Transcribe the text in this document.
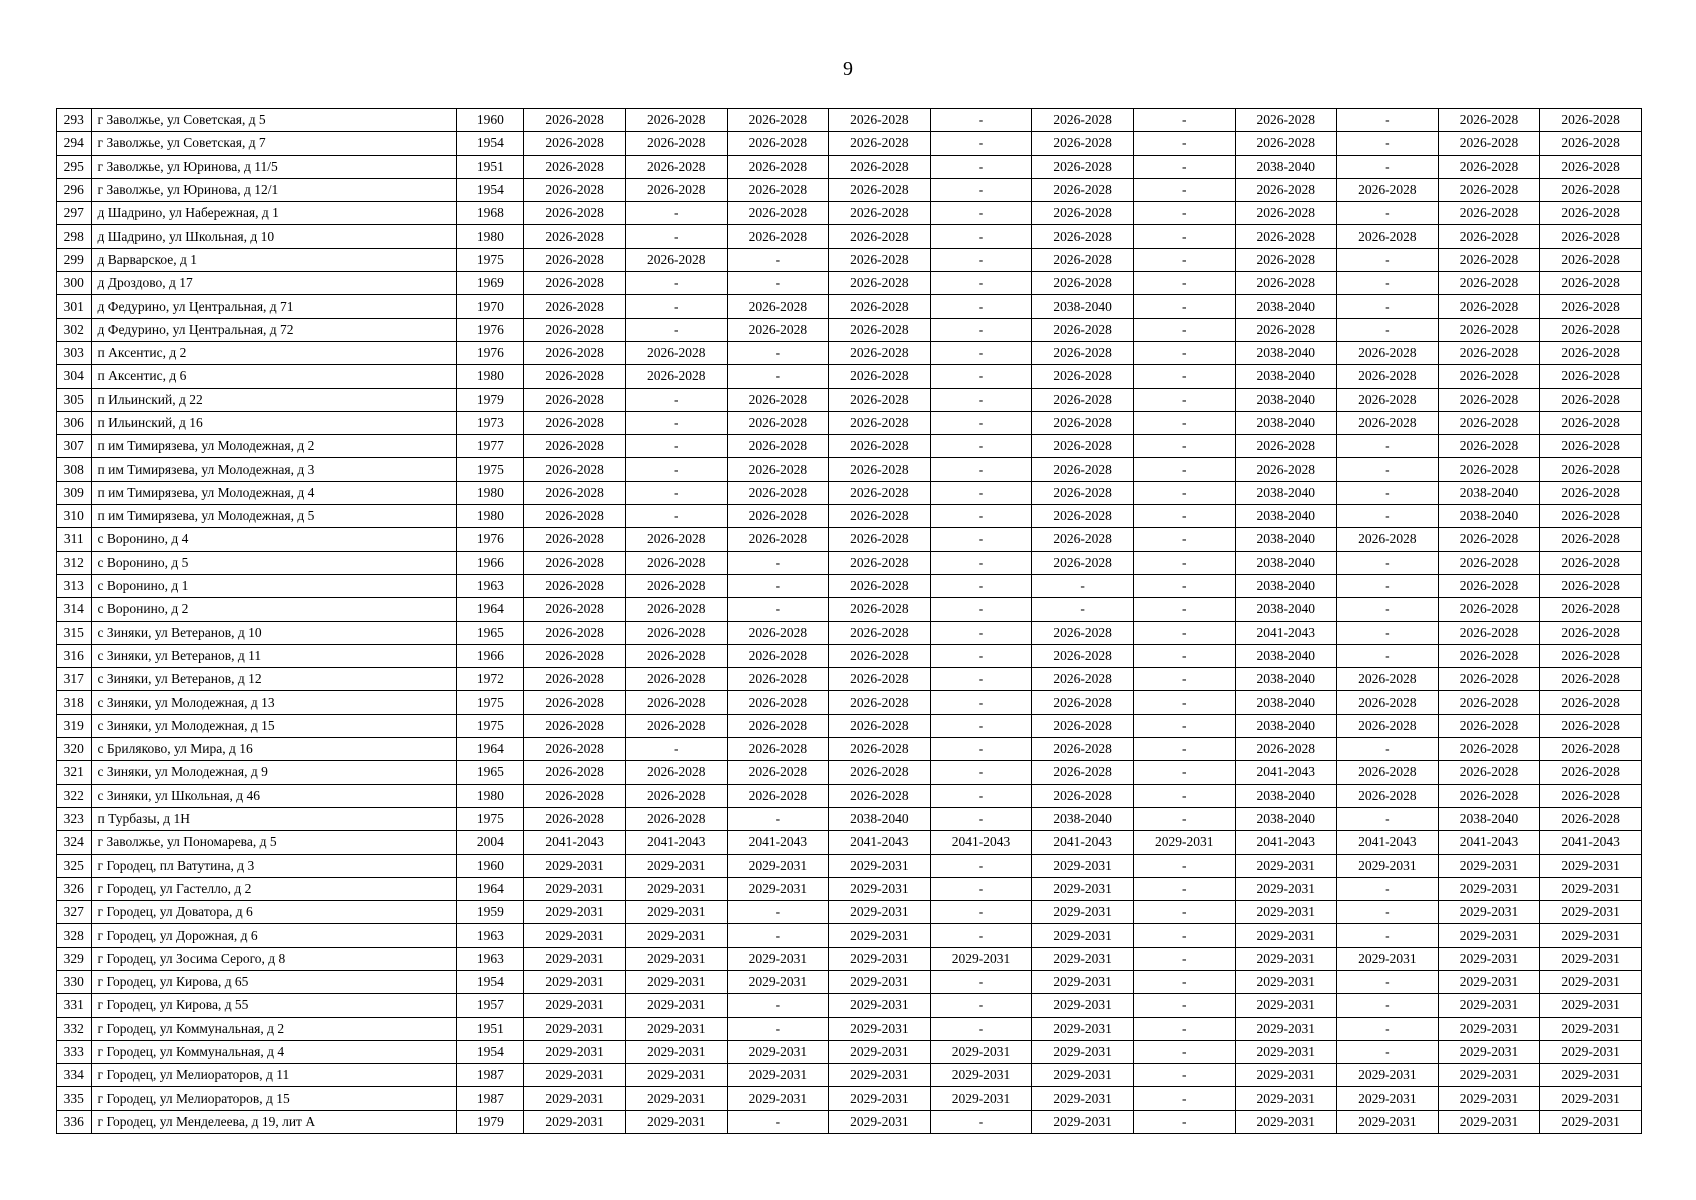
9
293	г Заволжье, ул Советская, д 5	1960	2026-2028	2026-2028	2026-2028	2026-2028	-	2026-2028	-	2026-2028	-	2026-2028	2026-2028
294	г Заволжье, ул Советская, д 7	1954	2026-2028	2026-2028	2026-2028	2026-2028	-	2026-2028	-	2026-2028	-	2026-2028	2026-2028
295	г Заволжье, ул Юринова, д 11/5	1951	2026-2028	2026-2028	2026-2028	2026-2028	-	2026-2028	-	2038-2040	-	2026-2028	2026-2028
296	г Заволжье, ул Юринова, д 12/1	1954	2026-2028	2026-2028	2026-2028	2026-2028	-	2026-2028	-	2026-2028	2026-2028	2026-2028	2026-2028
297	д Шадрино, ул Набережная, д 1	1968	2026-2028	-	2026-2028	2026-2028	-	2026-2028	-	2026-2028	-	2026-2028	2026-2028
298	д Шадрино, ул Школьная, д 10	1980	2026-2028	-	2026-2028	2026-2028	-	2026-2028	-	2026-2028	2026-2028	2026-2028	2026-2028
299	д Варварское, д 1	1975	2026-2028	2026-2028	-	2026-2028	-	2026-2028	-	2026-2028	-	2026-2028	2026-2028
300	д Дроздово, д 17	1969	2026-2028	-	-	2026-2028	-	2026-2028	-	2026-2028	-	2026-2028	2026-2028
301	д Федурино, ул Центральная, д 71	1970	2026-2028	-	2026-2028	2026-2028	-	2038-2040	-	2038-2040	-	2026-2028	2026-2028
302	д Федурино, ул Центральная, д 72	1976	2026-2028	-	2026-2028	2026-2028	-	2026-2028	-	2026-2028	-	2026-2028	2026-2028
303	п Аксентис, д 2	1976	2026-2028	2026-2028	-	2026-2028	-	2026-2028	-	2038-2040	2026-2028	2026-2028	2026-2028
304	п Аксентис, д 6	1980	2026-2028	2026-2028	-	2026-2028	-	2026-2028	-	2038-2040	2026-2028	2026-2028	2026-2028
305	п Ильинский, д 22	1979	2026-2028	-	2026-2028	2026-2028	-	2026-2028	-	2038-2040	2026-2028	2026-2028	2026-2028
306	п Ильинский, д 16	1973	2026-2028	-	2026-2028	2026-2028	-	2026-2028	-	2038-2040	2026-2028	2026-2028	2026-2028
307	п им Тимирязева, ул Молодежная, д 2	1977	2026-2028	-	2026-2028	2026-2028	-	2026-2028	-	2026-2028	-	2026-2028	2026-2028
308	п им Тимирязева, ул Молодежная, д 3	1975	2026-2028	-	2026-2028	2026-2028	-	2026-2028	-	2026-2028	-	2026-2028	2026-2028
309	п им Тимирязева, ул Молодежная, д 4	1980	2026-2028	-	2026-2028	2026-2028	-	2026-2028	-	2038-2040	-	2038-2040	2026-2028
310	п им Тимирязева, ул Молодежная, д 5	1980	2026-2028	-	2026-2028	2026-2028	-	2026-2028	-	2038-2040	-	2038-2040	2026-2028
311	с Воронино, д 4	1976	2026-2028	2026-2028	2026-2028	2026-2028	-	2026-2028	-	2038-2040	2026-2028	2026-2028	2026-2028
312	с Воронино, д 5	1966	2026-2028	2026-2028	-	2026-2028	-	2026-2028	-	2038-2040	-	2026-2028	2026-2028
313	с Воронино, д 1	1963	2026-2028	2026-2028	-	2026-2028	-	-	-	2038-2040	-	2026-2028	2026-2028
314	с Воронино, д 2	1964	2026-2028	2026-2028	-	2026-2028	-	-	-	2038-2040	-	2026-2028	2026-2028
315	с Зиняки, ул Ветеранов, д 10	1965	2026-2028	2026-2028	2026-2028	2026-2028	-	2026-2028	-	2041-2043	-	2026-2028	2026-2028
316	с Зиняки, ул Ветеранов, д 11	1966	2026-2028	2026-2028	2026-2028	2026-2028	-	2026-2028	-	2038-2040	-	2026-2028	2026-2028
317	с Зиняки, ул Ветеранов, д 12	1972	2026-2028	2026-2028	2026-2028	2026-2028	-	2026-2028	-	2038-2040	2026-2028	2026-2028	2026-2028
318	с Зиняки, ул Молодежная, д 13	1975	2026-2028	2026-2028	2026-2028	2026-2028	-	2026-2028	-	2038-2040	2026-2028	2026-2028	2026-2028
319	с Зиняки, ул Молодежная, д 15	1975	2026-2028	2026-2028	2026-2028	2026-2028	-	2026-2028	-	2038-2040	2026-2028	2026-2028	2026-2028
320	с Бриляково, ул Мира, д 16	1964	2026-2028	-	2026-2028	2026-2028	-	2026-2028	-	2026-2028	-	2026-2028	2026-2028
321	с Зиняки, ул Молодежная, д 9	1965	2026-2028	2026-2028	2026-2028	2026-2028	-	2026-2028	-	2041-2043	2026-2028	2026-2028	2026-2028
322	с Зиняки, ул Школьная, д 46	1980	2026-2028	2026-2028	2026-2028	2026-2028	-	2026-2028	-	2038-2040	2026-2028	2026-2028	2026-2028
323	п Турбазы, д 1Н	1975	2026-2028	2026-2028	-	2038-2040	-	2038-2040	-	2038-2040	-	2038-2040	2026-2028
324	г Заволжье, ул Пономарева, д 5	2004	2041-2043	2041-2043	2041-2043	2041-2043	2041-2043	2041-2043	2029-2031	2041-2043	2041-2043	2041-2043	2041-2043
325	г Городец, пл Ватутина, д 3	1960	2029-2031	2029-2031	2029-2031	2029-2031	-	2029-2031	-	2029-2031	2029-2031	2029-2031	2029-2031
326	г Городец, ул Гастелло, д 2	1964	2029-2031	2029-2031	2029-2031	2029-2031	-	2029-2031	-	2029-2031	-	2029-2031	2029-2031
327	г Городец, ул Доватора, д 6	1959	2029-2031	2029-2031	-	2029-2031	-	2029-2031	-	2029-2031	-	2029-2031	2029-2031
328	г Городец, ул Дорожная, д 6	1963	2029-2031	2029-2031	-	2029-2031	-	2029-2031	-	2029-2031	-	2029-2031	2029-2031
329	г Городец, ул Зосима Серого, д 8	1963	2029-2031	2029-2031	2029-2031	2029-2031	2029-2031	2029-2031	-	2029-2031	2029-2031	2029-2031	2029-2031
330	г Городец, ул Кирова, д 65	1954	2029-2031	2029-2031	2029-2031	2029-2031	-	2029-2031	-	2029-2031	-	2029-2031	2029-2031
331	г Городец, ул Кирова, д 55	1957	2029-2031	2029-2031	-	2029-2031	-	2029-2031	-	2029-2031	-	2029-2031	2029-2031
332	г Городец, ул Коммунальная, д 2	1951	2029-2031	2029-2031	-	2029-2031	-	2029-2031	-	2029-2031	-	2029-2031	2029-2031
333	г Городец, ул Коммунальная, д 4	1954	2029-2031	2029-2031	2029-2031	2029-2031	2029-2031	2029-2031	-	2029-2031	-	2029-2031	2029-2031
334	г Городец, ул Мелиораторов, д 11	1987	2029-2031	2029-2031	2029-2031	2029-2031	2029-2031	2029-2031	-	2029-2031	2029-2031	2029-2031	2029-2031
335	г Городец, ул Мелиораторов, д 15	1987	2029-2031	2029-2031	2029-2031	2029-2031	2029-2031	2029-2031	-	2029-2031	2029-2031	2029-2031	2029-2031
336	г Городец, ул Менделеева, д 19, лит А	1979	2029-2031	2029-2031	-	2029-2031	-	2029-2031	-	2029-2031	2029-2031	2029-2031	2029-2031
